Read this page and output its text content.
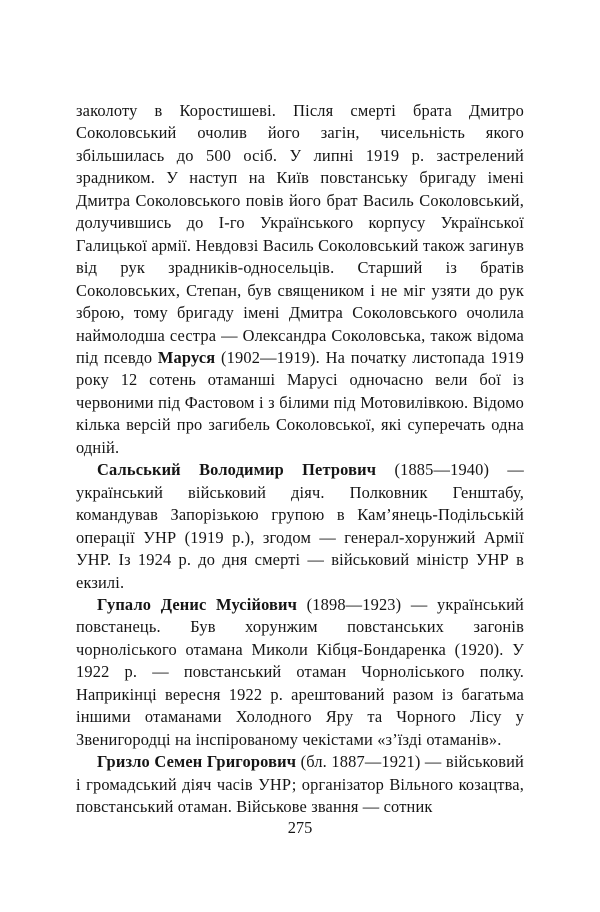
заколоту в Коростишеві. Після смерті брата Дмитро Соколовський очолив його загін, чисельність якого збільшилась до 500 осіб. У липні 1919 р. застрелений зрадником. У наступ на Київ повстанську бригаду імені Дмитра Соколовського повів його брат Василь Соколовський, долучившись до І-го Українського корпусу Української Галицької армії. Невдовзі Василь Соколовський також загинув від рук зрадників-односельців. Старший із братів Соколовських, Степан, був священиком і не міг узяти до рук зброю, тому бригаду імені Дмитра Соколовського очолила наймолодша сестра — Олександра Соколовська, також відома під псевдо Маруся (1902—1919). На початку листопада 1919 року 12 сотень отаманші Марусі одночасно вели бої із червоними під Фастовом і з білими під Мотовилівкою. Відомо кілька версій про загибель Соколовської, які суперечать одна одній.

Сальський Володимир Петрович (1885—1940) — український військовий діяч. Полковник Генштабу, командував Запорізькою групою в Кам’янець-Подільській операції УНР (1919 р.), згодом — генерал-хорунжий Армії УНР. Із 1924 р. до дня смерті — військовий міністр УНР в екзилі.

Гупало Денис Мусійович (1898—1923) — український повстанець. Був хорунжим повстанських загонів чорноліського отамана Миколи Кібця-Бондаренка (1920). У 1922 р. — повстанський отаман Чорноліського полку. Наприкінці вересня 1922 р. арештований разом із багатьма іншими отаманами Холодного Яру та Чорного Лісу у Звенигородці на інспірованому чекістами «з’їзді отаманів».

Гризло Семен Григорович (бл. 1887—1921) — військовий і громадський діяч часів УНР; організатор Вільного козацтва, повстанський отаман. Військове звання — сотник

275
